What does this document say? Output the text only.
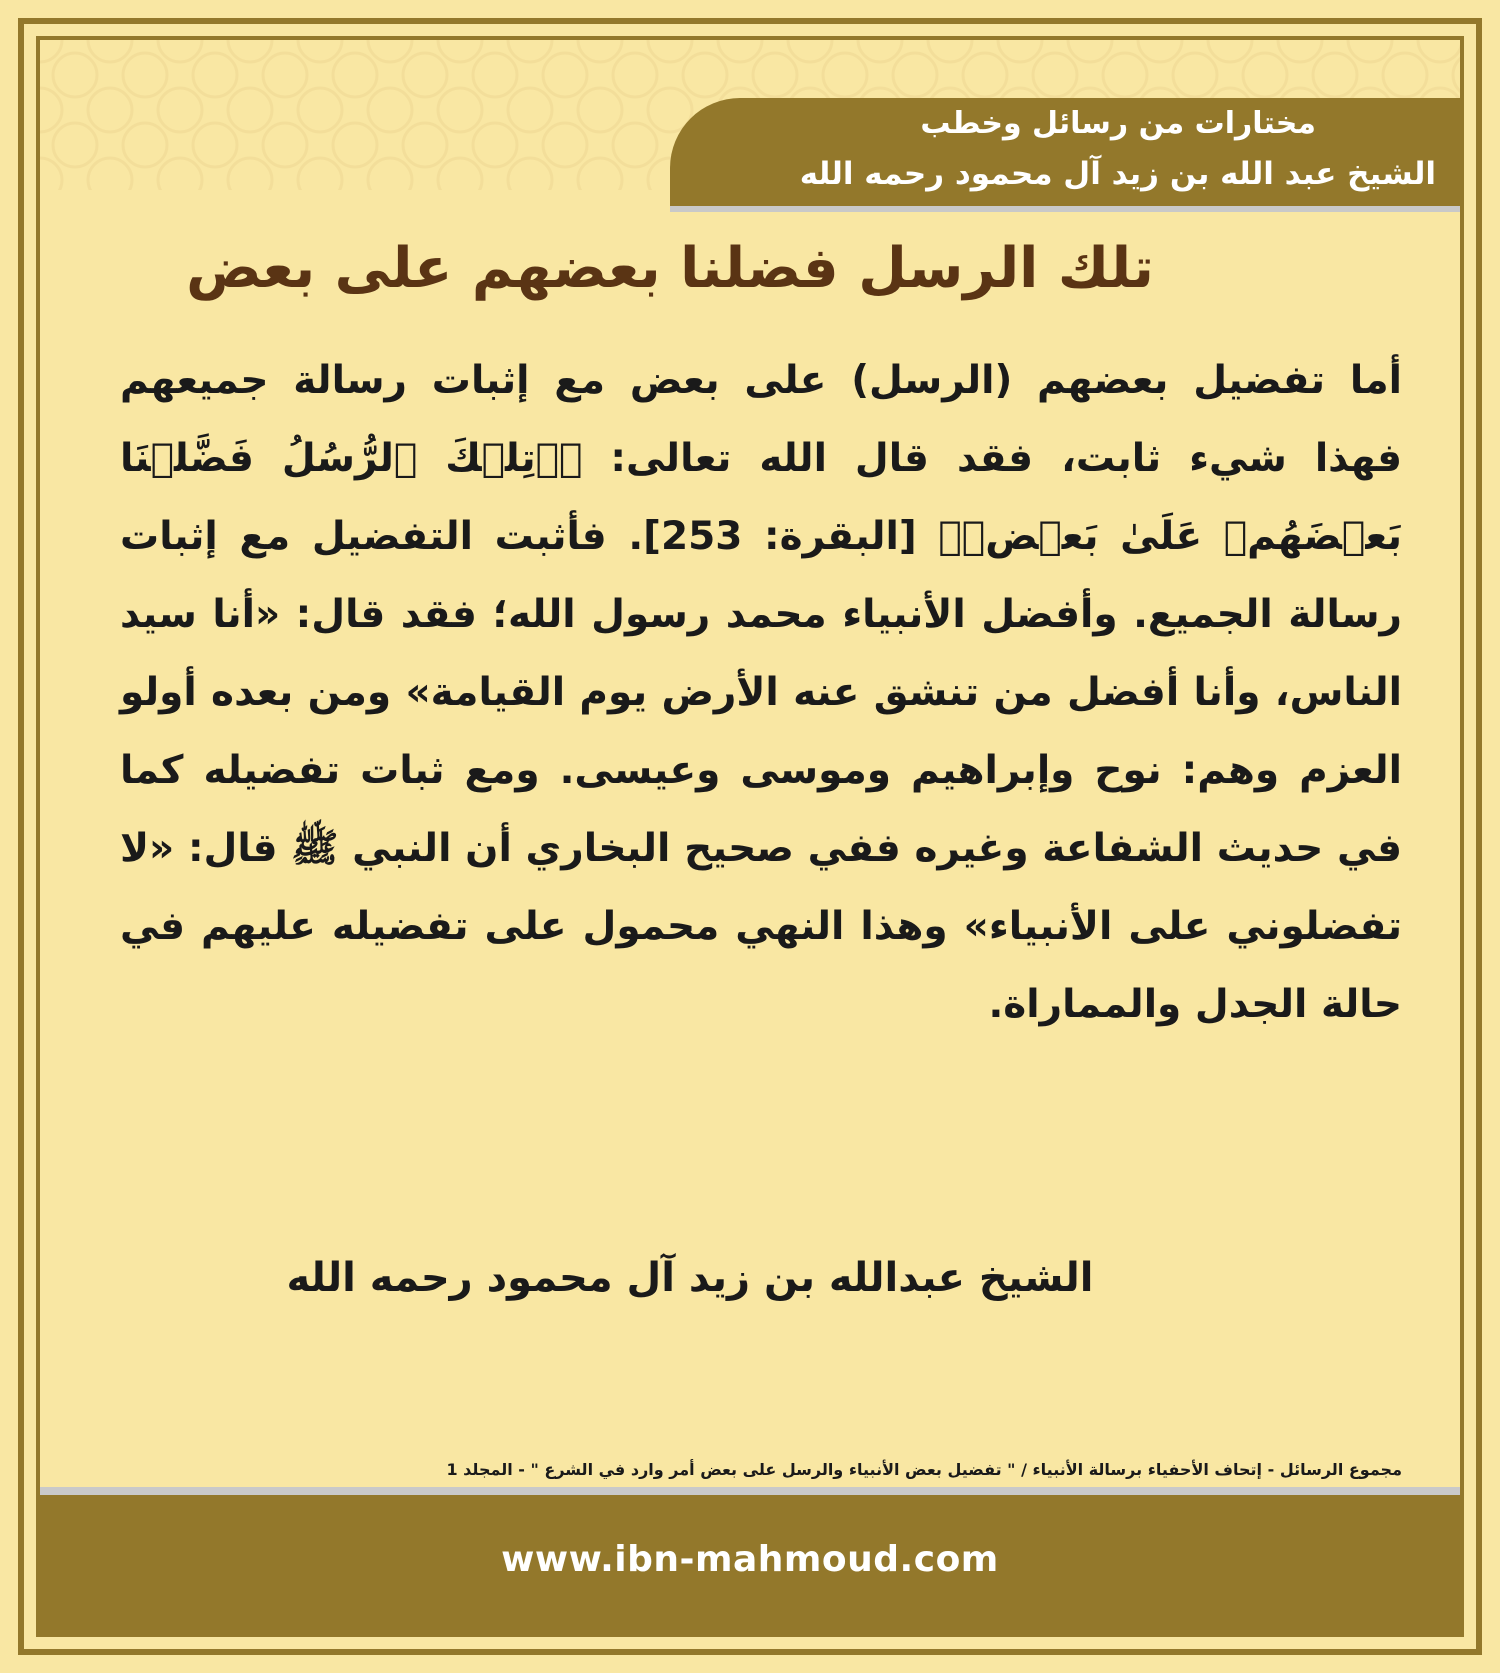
مختارات من رسائل وخطب
الشيخ عبد الله بن زيد آل محمود رحمه الله
تلك الرسل فضلنا بعضهم على بعض

أما تفضيل بعضهم (الرسل) على بعض مع إثبات رسالة جميعهم فهذا شيء ثابت، فقد قال الله تعالى: ﴿۞تِلۡكَ ٱلرُّسُلُ فَضَّلۡنَا بَعۡضَهُمۡ عَلَىٰ بَعۡضٖ﴾ [البقرة: 253]. فأثبت التفضيل مع إثبات رسالة الجميع. وأفضل الأنبياء محمد رسول الله؛ فقد قال: «أنا سيد الناس، وأنا أفضل من تنشق عنه الأرض يوم القيامة» ومن بعده أولو العزم وهم: نوح وإبراهيم وموسى وعيسى. ومع ثبات تفضيله كما في حديث الشفاعة وغيره ففي صحيح البخاري أن النبي ﷺ قال: «لا تفضلوني على الأنبياء» وهذا النهي محمول على تفضيله عليهم في حالة الجدل والمماراة.

الشيخ عبدالله بن زيد آل محمود رحمه الله
مجموع الرسائل - إتحاف الأحفياء برسالة الأنبياء / " تفضيل بعض الأنبياء والرسل على بعض أمر وارد في الشرع " - المجلد 1
www.ibn-mahmoud.com
